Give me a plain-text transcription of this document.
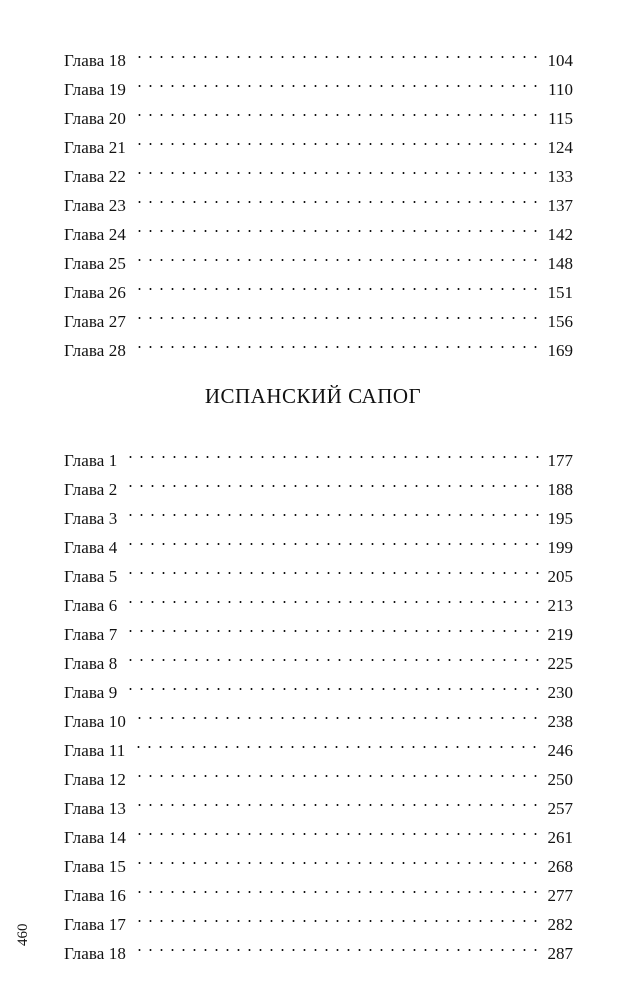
Глава 18	104
Глава 19	110
Глава 20	115
Глава 21	124
Глава 22	133
Глава 23	137
Глава 24	142
Глава 25	148
Глава 26	151
Глава 27	156
Глава 28	169
ИСПАНСКИЙ САПОГ
Глава 1	177
Глава 2	188
Глава 3	195
Глава 4	199
Глава 5	205
Глава 6	213
Глава 7	219
Глава 8	225
Глава 9	230
Глава 10	238
Глава 11	246
Глава 12	250
Глава 13	257
Глава 14	261
Глава 15	268
Глава 16	277
Глава 17	282
Глава 18	287
460
